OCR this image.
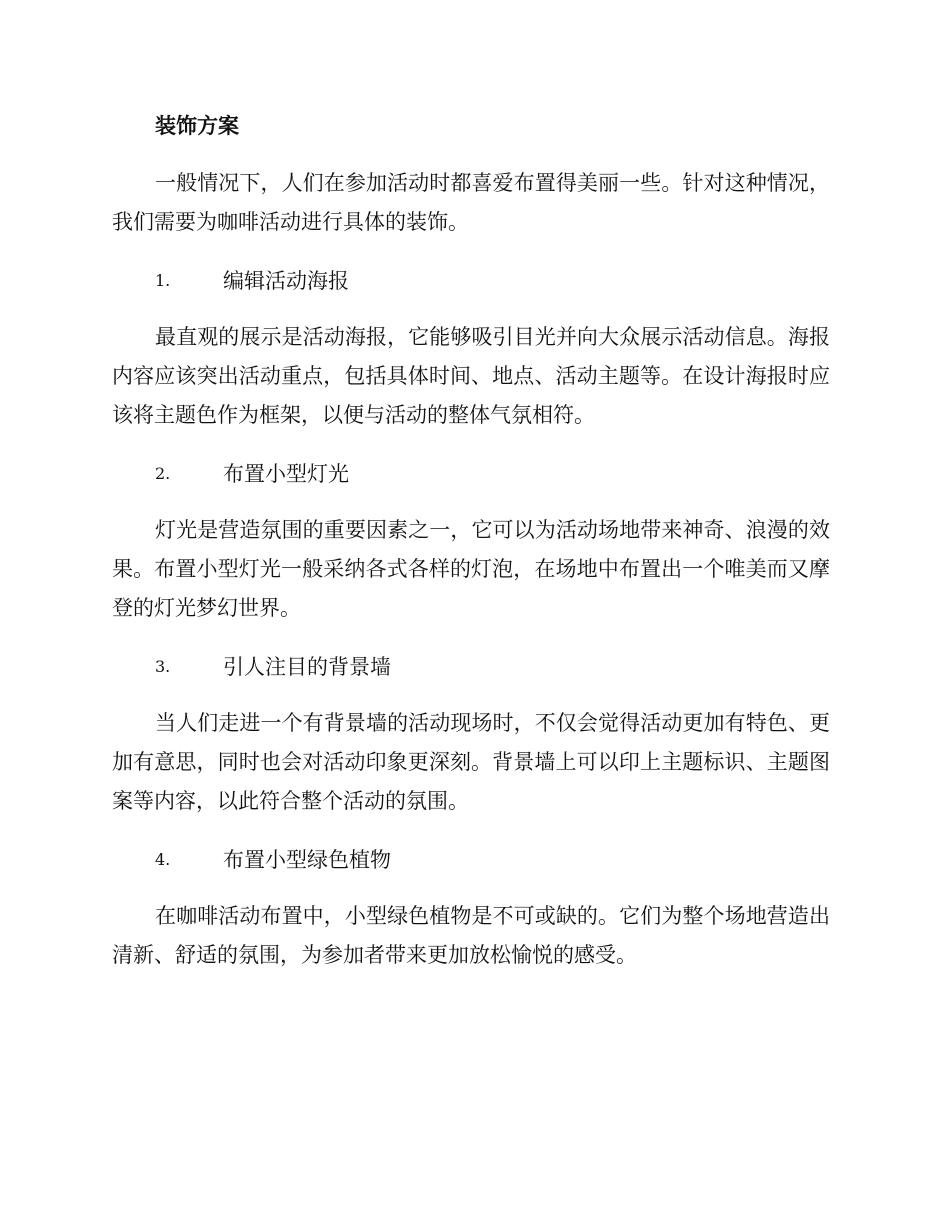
装饰方案

一般情况下，人们在参加活动时都喜爱布置得美丽一些。针对这种情况，我们需要为咖啡活动进行具体的装饰。

1.	编辑活动海报

最直观的展示是活动海报，它能够吸引目光并向大众展示活动信息。海报内容应该突出活动重点，包括具体时间、地点、活动主题等。在设计海报时应该将主题色作为框架，以便与活动的整体气氛相符。

2.	布置小型灯光

灯光是营造氛围的重要因素之一，它可以为活动场地带来神奇、浪漫的效果。布置小型灯光一般采纳各式各样的灯泡，在场地中布置出一个唯美而又摩登的灯光梦幻世界。

3.	引人注目的背景墙

当人们走进一个有背景墙的活动现场时，不仅会觉得活动更加有特色、更加有意思，同时也会对活动印象更深刻。背景墙上可以印上主题标识、主题图案等内容，以此符合整个活动的氛围。

4.	布置小型绿色植物

在咖啡活动布置中，小型绿色植物是不可或缺的。它们为整个场地营造出清新、舒适的氛围，为参加者带来更加放松愉悦的感受。
